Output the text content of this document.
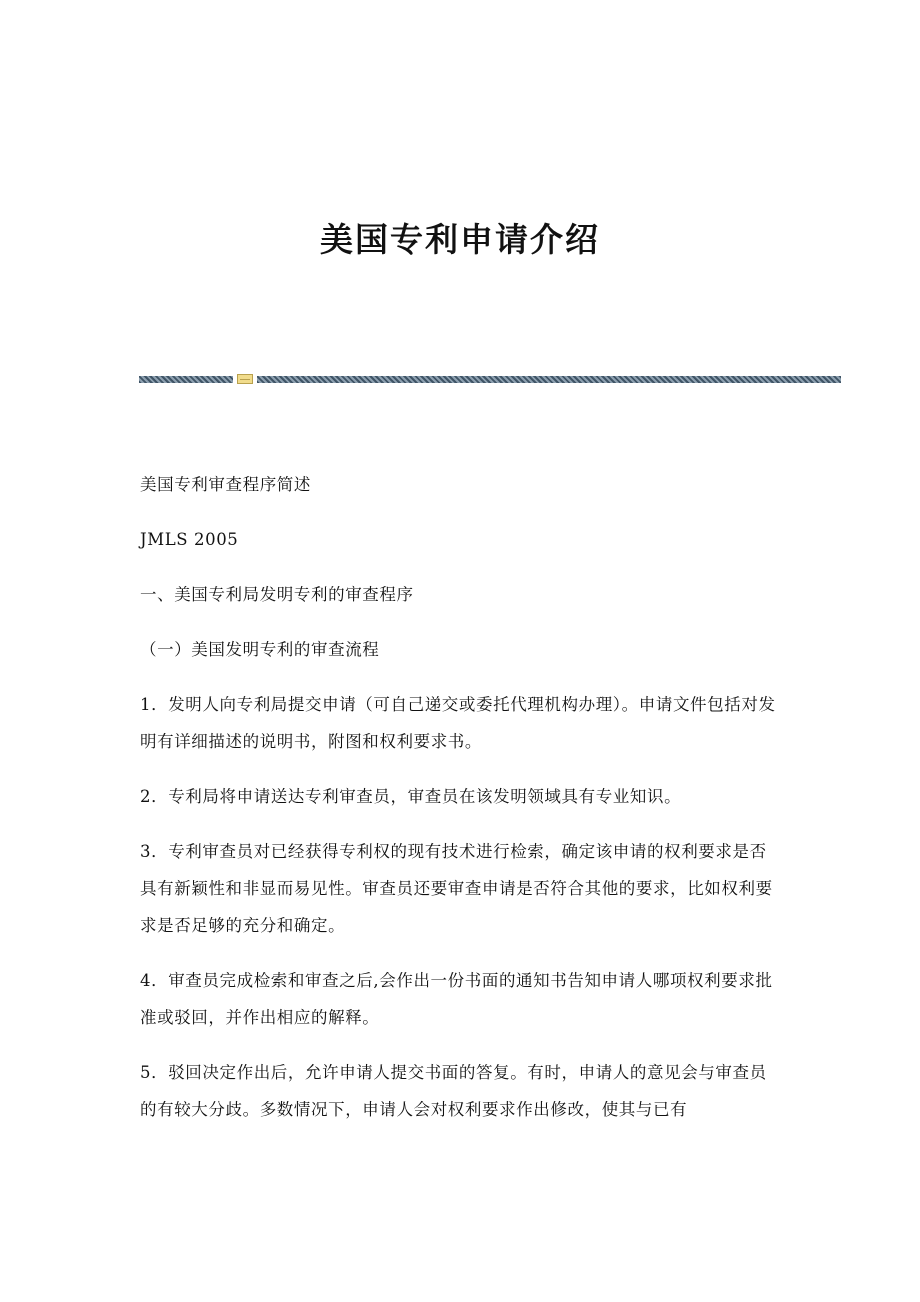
美国专利申请介绍

美国专利审查程序简述

JMLS 2005

一、美国专利局发明专利的审查程序

（一）美国发明专利的审查流程

1．发明人向专利局提交申请（可自己递交或委托代理机构办理）。申请文件包括对发明有详细描述的说明书，附图和权利要求书。

2．专利局将申请送达专利审查员，审查员在该发明领域具有专业知识。

3．专利审查员对已经获得专利权的现有技术进行检索，确定该申请的权利要求是否具有新颖性和非显而易见性。审查员还要审查申请是否符合其他的要求，比如权利要求是否足够的充分和确定。

4．审查员完成检索和审查之后,会作出一份书面的通知书告知申请人哪项权利要求批准或驳回，并作出相应的解释。

5．驳回决定作出后，允许申请人提交书面的答复。有时，申请人的意见会与审查员的有较大分歧。多数情况下，申请人会对权利要求作出修改，使其与已有
